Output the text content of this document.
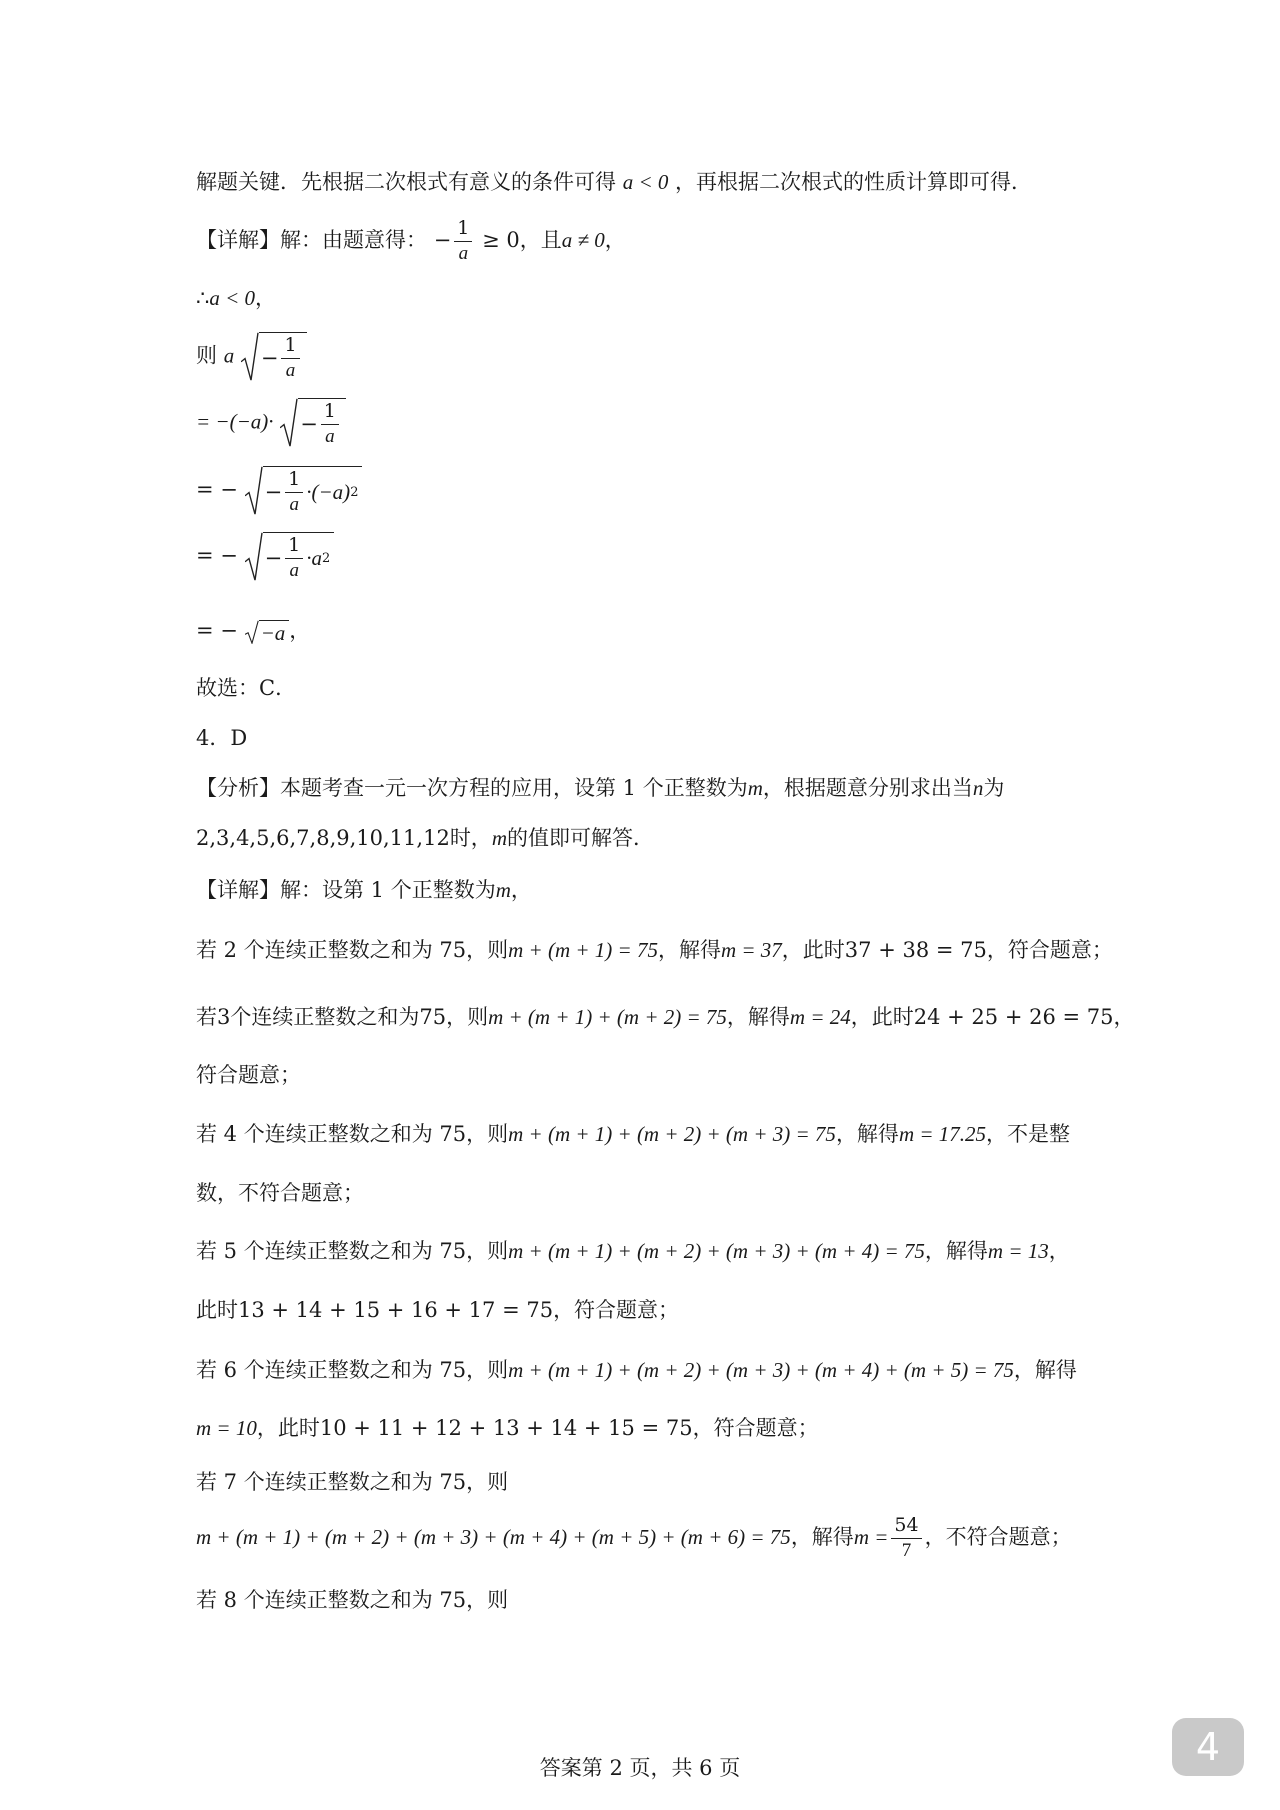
解题关键．先根据二次根式有意义的条件可得 a < 0 ，再根据二次根式的性质计算即可得．
【详解】解：由题意得： − $\frac{1}{a} \ge 0$，且a ≠ 0，
∴a < 0，
则 $a - \frac{1}{a}$
= $-(-a)\cdot - \frac{1}{a}$
= − − $\frac{1}{a} \cdot(-a)$ 2
= − − $\frac{1}{a} \cdot a$ 2
= − −a ，
故选：C．
4．D
【分析】本题考查一元一次方程的应用，设第 1 个正整数为m，根据题意分别求出当n为
2,3,4,5,6,7,8,9,10,11,12时，m的值即可解答．
【详解】解：设第 1 个正整数为m，
若 2 个连续正整数之和为 75，则m + (m + 1) = 75，解得m = 37，此时37 + 38 = 75，符合题意；
若3个连续正整数之和为75，则m + (m + 1) + (m + 2) = 75，解得m = 24，此时24 + 25 + 26 = 75，
符合题意；
若 4 个连续正整数之和为 75，则m + (m + 1) + (m + 2) + (m + 3) = 75，解得m = 17.25，不是整
数，不符合题意；
若 5 个连续正整数之和为 75，则m + (m + 1) + (m + 2) + (m + 3) + (m + 4) = 75，解得m = 13，
此时13 + 14 + 15 + 16 + 17 = 75，符合题意；
若 6 个连续正整数之和为 75，则m + (m + 1) + (m + 2) + (m + 3) + (m + 4) + (m + 5) = 75，解得
m = 10，此时10 + 11 + 12 + 13 + 14 + 15 = 75，符合题意；
若 7 个连续正整数之和为 75，则
m + (m + 1) + (m + 2) + (m + 3) + (m + 4) + (m + 5) + (m + 6) = 75，解得$m = \frac{54}{7}$ ，不符合题意；
若 8 个连续正整数之和为 75，则
答案第 2 页，共 6 页	4
